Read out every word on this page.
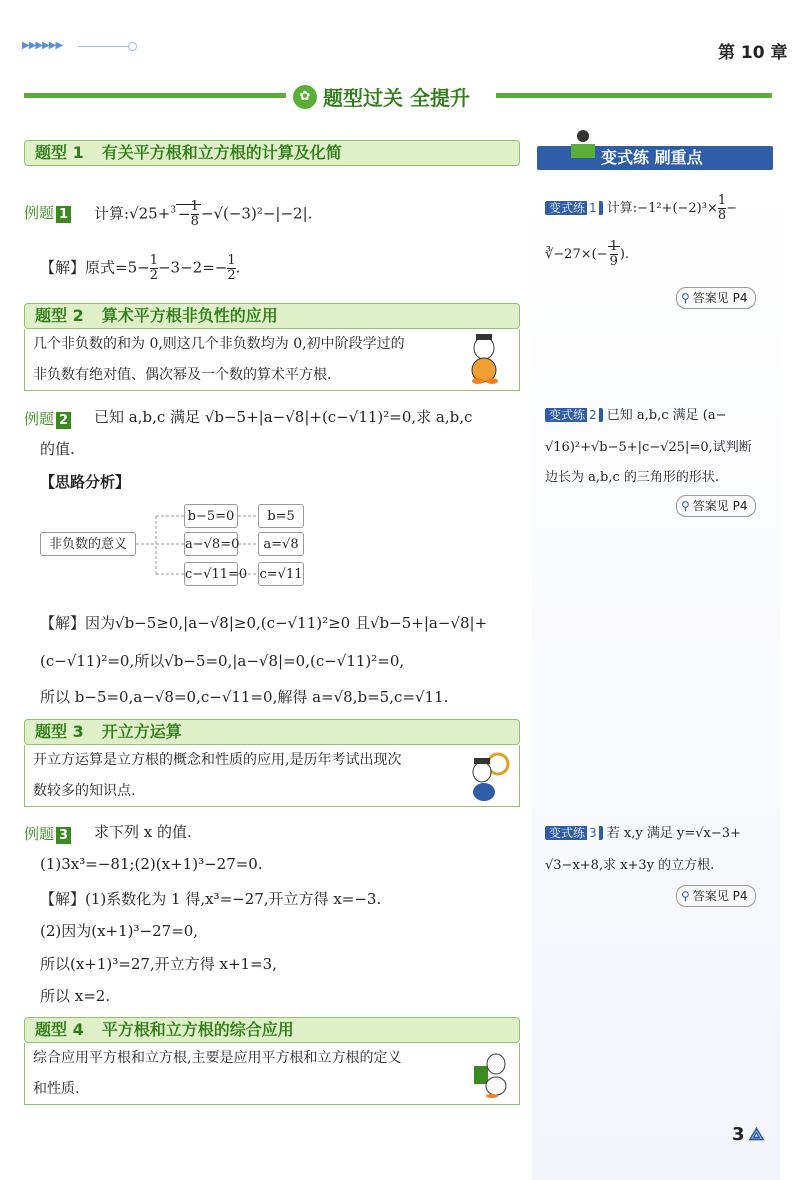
▶▶▶▶▶▶	第 10 章
✿ 题型过关 全提升
题型 1 有关平方根和立方根的计算及化简
例题 1 计算:√25+$^3$ − $\frac{1}{8} -√(-3)^2-|-2|$.
【解】原式$=5- \frac{1}{2} -3-2=- \frac{1}{2}$ .
题型 2 算术平方根非负性的应用
几个非负数的和为 0,则这几个非负数均为 0,初中阶段学过的
非负数有绝对值、偶次幂及一个数的算术平方根.
例题 2 已知 a,b,c 满足 √b−5+|a−√8|+(c−√11)²=0,求 a,b,c
的值.
【思路分析】
非负数的意义
b−5=0
a−√8=0
c−√11=0
b=5
a=√8
c=√11
【解】因为√b−5≥0,|a−√8|≥0,(c−√11)²≥0 且√b−5+|a−√8|+
(c−√11)²=0,所以√b−5=0,|a−√8|=0,(c−√11)²=0,
所以 b−5=0,a−√8=0,c−√11=0,解得 a=√8,b=5,c=√11.
题型 3 开立方运算
开立方运算是立方根的概念和性质的应用,是历年考试出现次
数较多的知识点.
例题 3 求下列 x 的值.
(1)3x³=−81;(2)(x+1)³−27=0.
【解】(1)系数化为 1 得,x³=−27,开立方得 x=−3.
(2)因为(x+1)³−27=0,
所以(x+1)³=27,开立方得 x+1=3,
所以 x=2.
题型 4 平方根和立方根的综合应用
综合应用平方根和立方根,主要是应用平方根和立方根的定义
和性质.
变式练 刷重点
变式练 1 计算:−1²+(−2)³× $\frac{1}{8}$ −
∛−27×(− $\frac{1}{9}$ ).
⚲ 答案见 P4
变式练 2 已知 a,b,c 满足 (a−
√16)²+√b−5+|c−√25|=0,试判断
边长为 a,b,c 的三角形的形状.
⚲ 答案见 P4
变式练 3 若 x,y 满足 y=√x−3+
√3−x+8,求 x+3y 的立方根.
⚲ 答案见 P4
3 ⟁
